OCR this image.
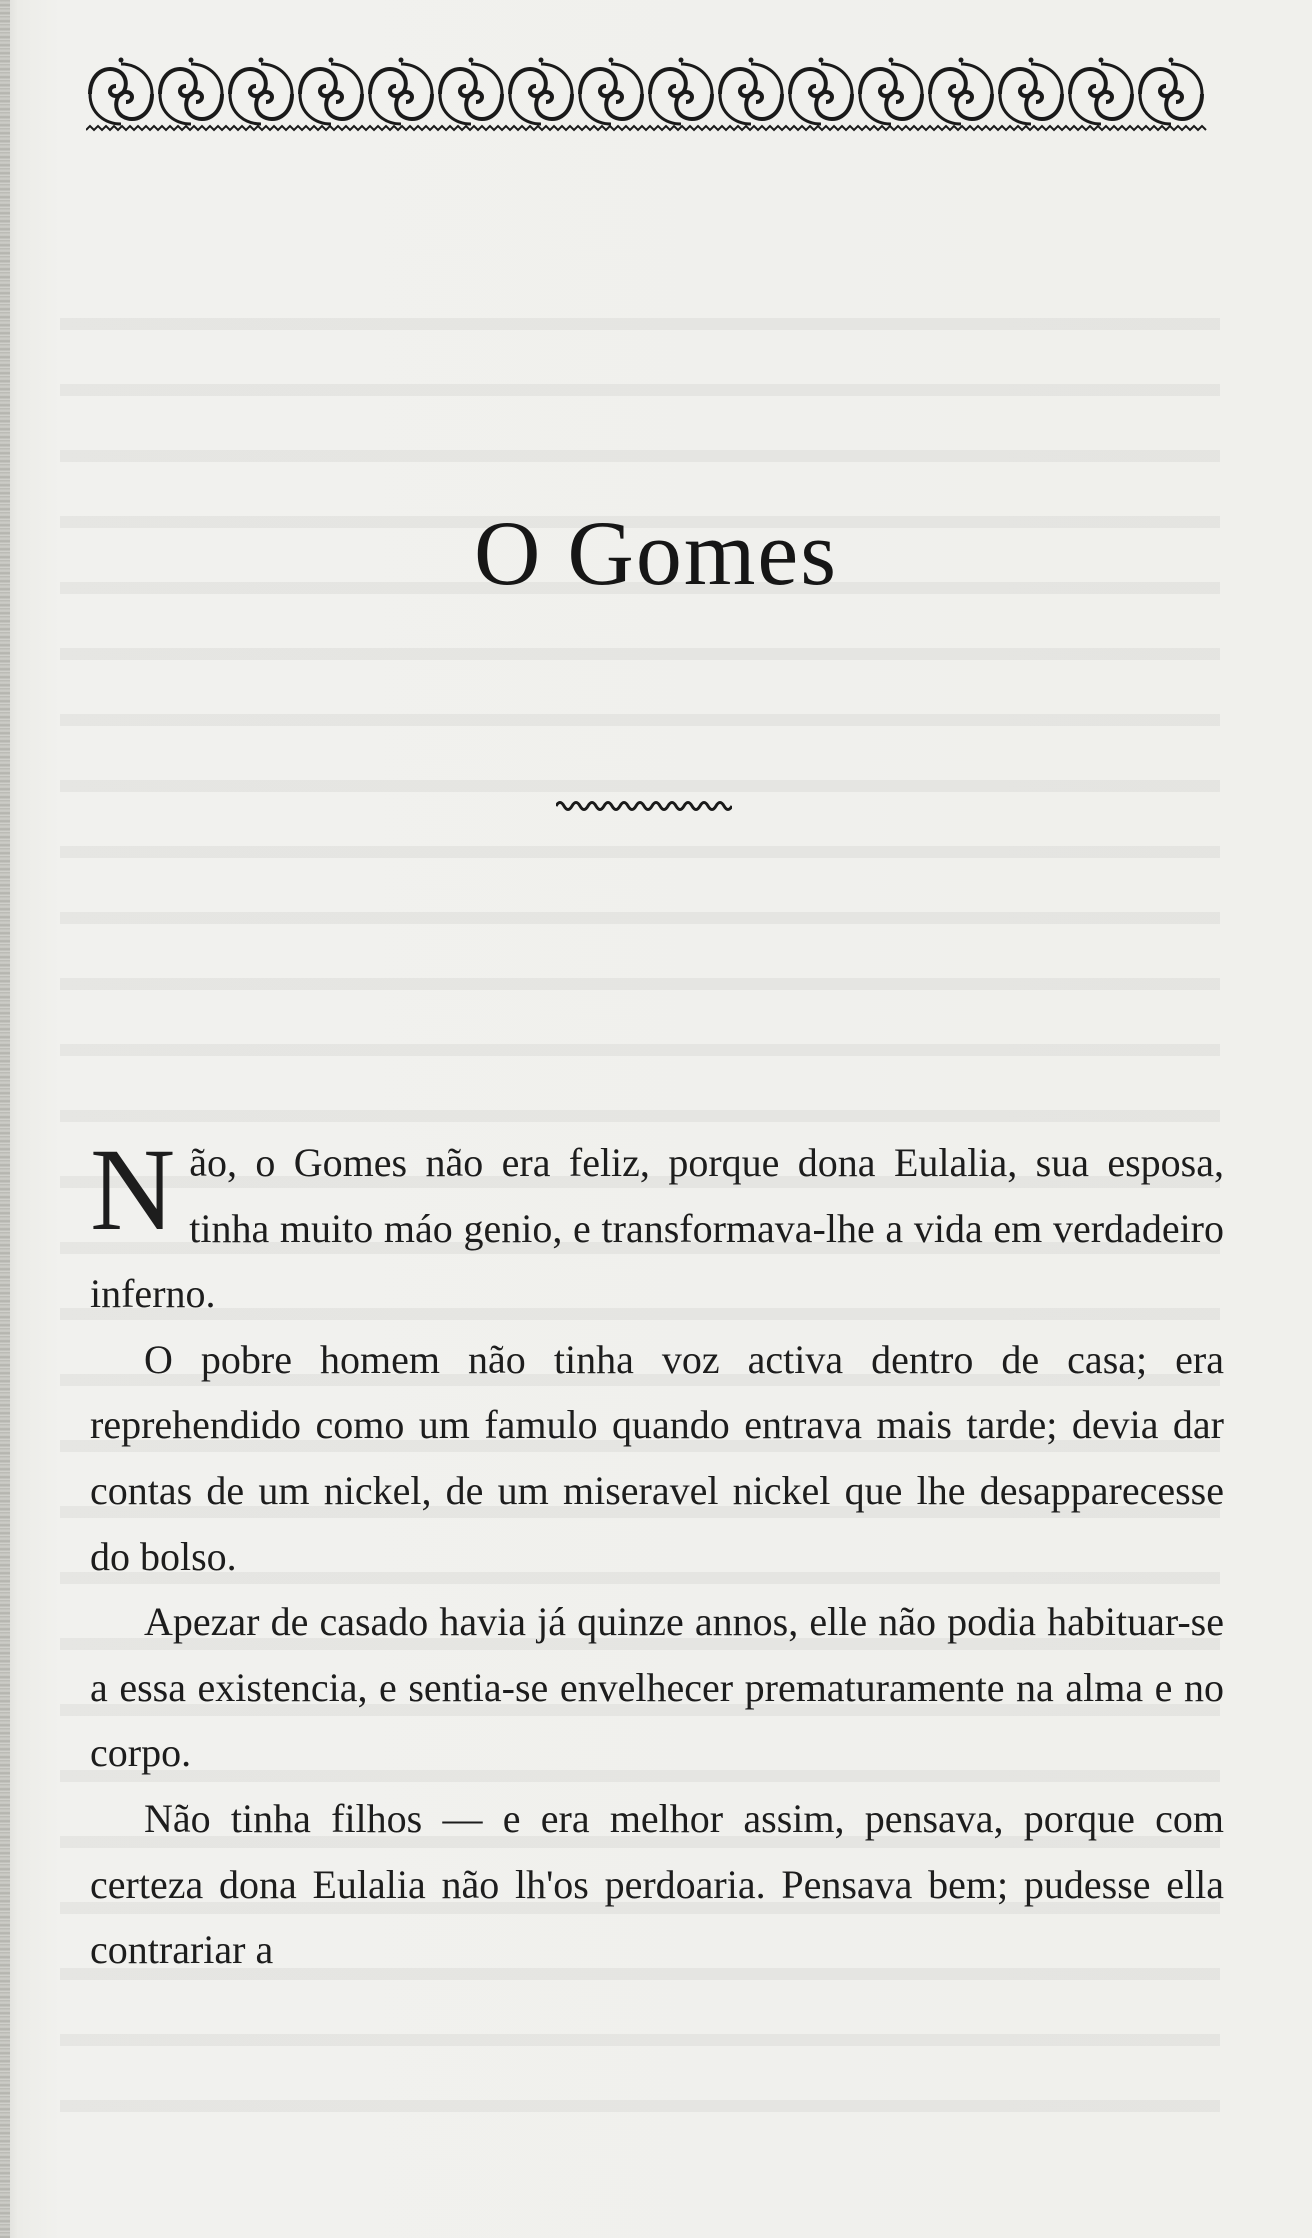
O Gomes

Não, o Gomes não era feliz, porque dona Eulalia, sua esposa, tinha muito máo genio, e transformava-lhe a vida em verdadeiro inferno.

O pobre homem não tinha voz activa dentro de casa; era reprehendido como um famulo quando entrava mais tarde; devia dar contas de um nickel, de um miseravel nickel que lhe desapparecesse do bolso.

Apezar de casado havia já quinze annos, elle não podia habituar-se a essa existencia, e sentia-se envelhecer prematuramente na alma e no corpo.

Não tinha filhos — e era melhor assim, pensava, porque com certeza dona Eulalia não lh'os perdoaria. Pensava bem; pudesse ella contrariar a
